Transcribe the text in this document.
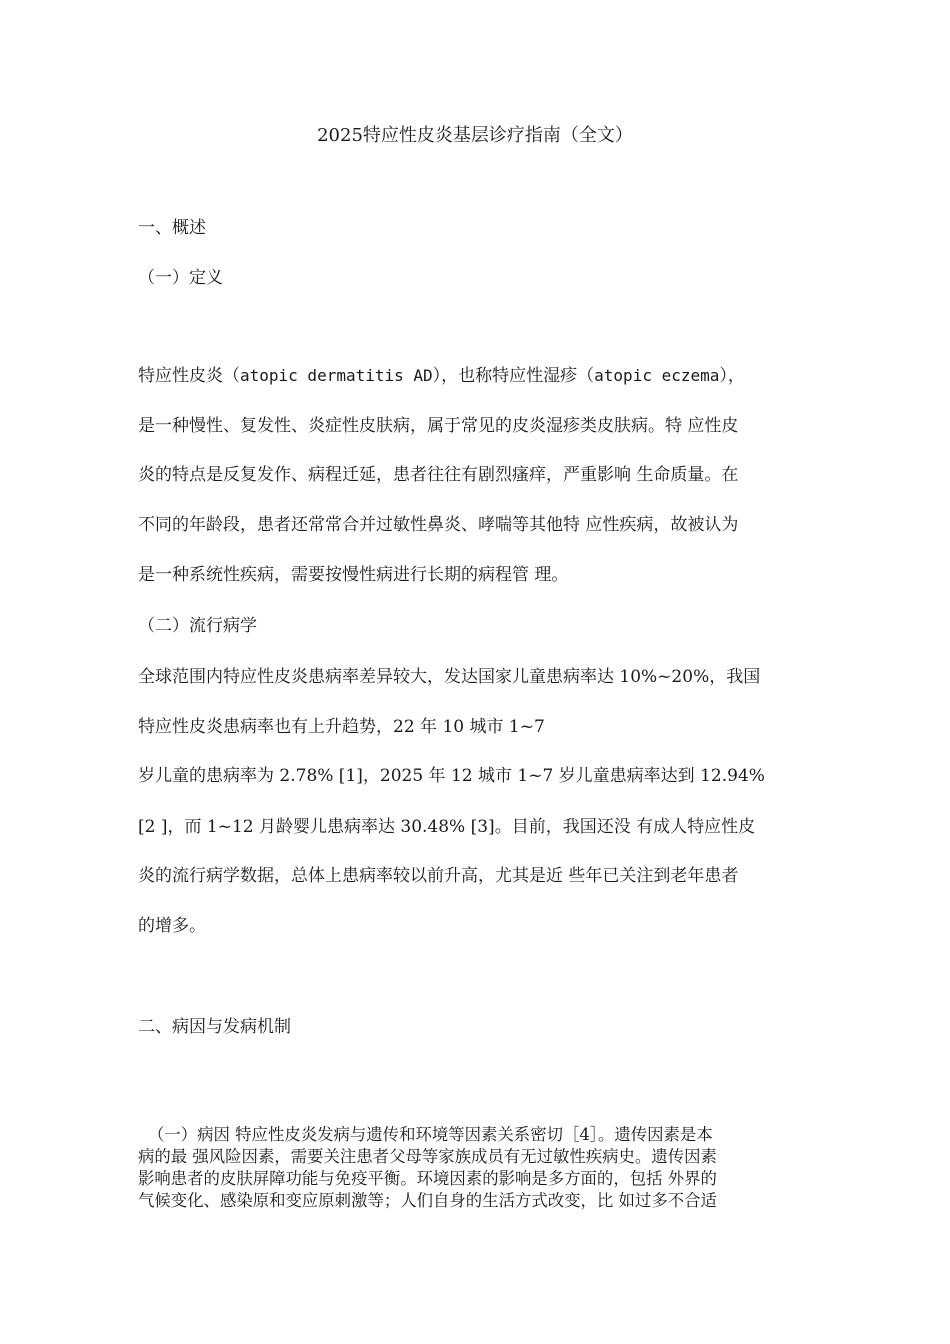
2025特应性皮炎基层诊疗指南（全文）

一、概述

（一）定义

特应性皮炎（atopic dermatitis AD），也称特应性湿疹（atopic eczema），

是一种慢性、复发性、炎症性皮肤病，属于常见的皮炎湿疹类皮肤病。特 应性皮

炎的特点是反复发作、病程迁延，患者往往有剧烈瘙痒，严重影响 生命质量。在

不同的年龄段，患者还常常合并过敏性鼻炎、哮喘等其他特 应性疾病，故被认为

是一种系统性疾病，需要按慢性病进行长期的病程管 理。

（二）流行病学

全球范围内特应性皮炎患病率差异较大，发达国家儿童患病率达 10%~20%，我国

特应性皮炎患病率也有上升趋势，22 年 10 城市 1~7

岁儿童的患病率为 2.78% [1]，2025 年 12 城市 1~7 岁儿童患病率达到 12.94%

[2 ]，而 1~12 月龄婴儿患病率达 30.48% [3]。目前，我国还没 有成人特应性皮

炎的流行病学数据，总体上患病率较以前升高，尤其是近 些年已关注到老年患者

的增多。

二、病因与发病机制

（一）病因 特应性皮炎发病与遗传和环境等因素关系密切［4］。遗传因素是本

病的最 强风险因素，需要关注患者父母等家族成员有无过敏性疾病史。遗传因素

影响患者的皮肤屏障功能与免疫平衡。环境因素的影响是多方面的，包括 外界的

气候变化、感染原和变应原刺激等；人们自身的生活方式改变，比 如过多不合适
